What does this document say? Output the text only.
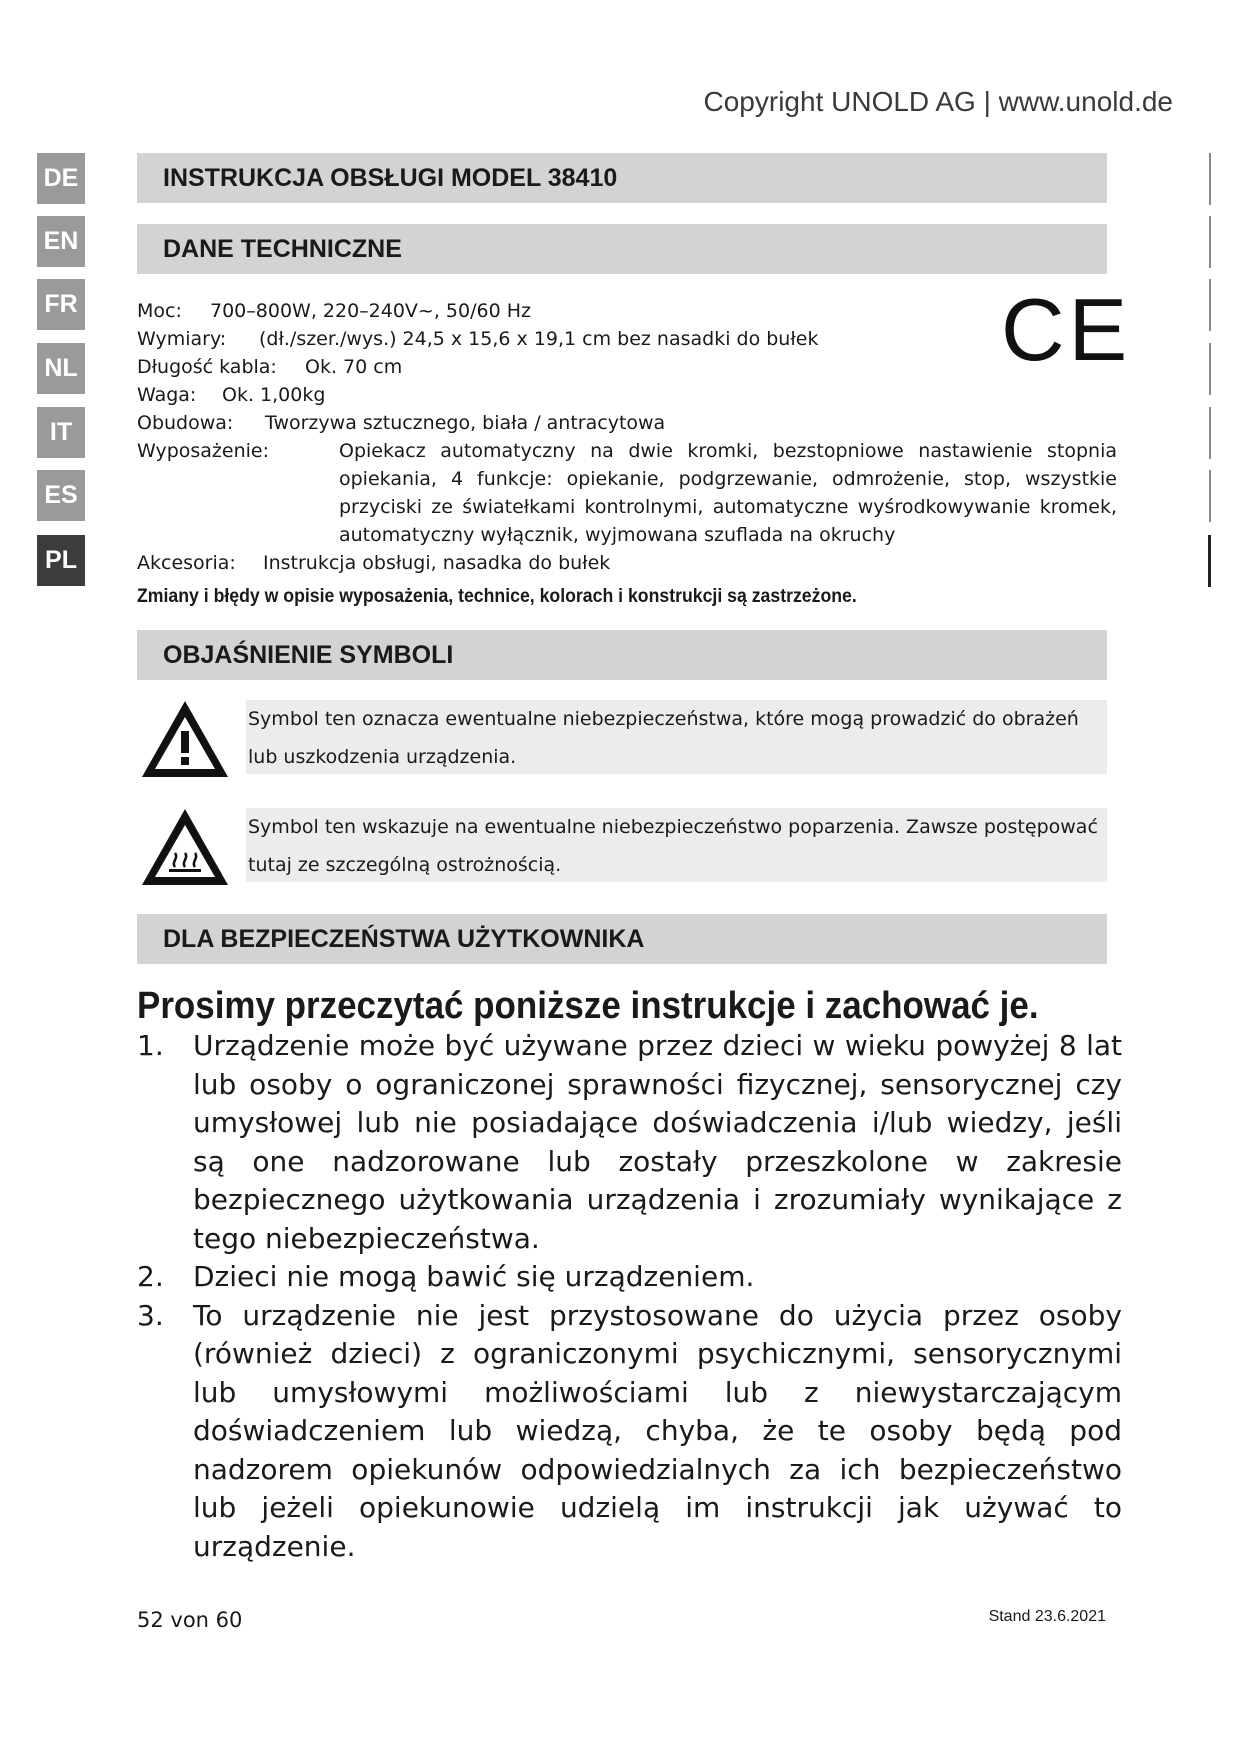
Copyright UNOLD AG | www.unold.de
DE
EN
FR
NL
IT
ES
PL
INSTRUKCJA OBSŁUGI MODEL 38410
DANE TECHNICZNE
Moc:	700–800W, 220–240V~, 50/60 Hz
Wymiary:	(dł./szer./wys.) 24,5 x 15,6 x 19,1 cm bez nasadki do bułek
Długość kabla:	Ok. 70 cm
Waga:	Ok. 1,00kg
Obudowa:	Tworzywa sztucznego, biała / antracytowa
Wyposażenie:	Opiekacz automatyczny na dwie kromki, bezstopniowe nastawienie stopnia opiekania, 4 funkcje: opiekanie, podgrzewanie, odmrożenie, stop, wszystkie przyciski ze światełkami kontrolnymi, automatyczne wyśrodkowywanie kromek, automatyczny wyłącznik, wyjmowana szuflada na okruchy
Akcesoria:	Instrukcja obsługi, nasadka do bułek
CE
Zmiany i błędy w opisie wyposażenia, technice, kolorach i konstrukcji są zastrzeżone.
OBJAŚNIENIE SYMBOLI
Symbol ten oznacza ewentualne niebezpieczeństwa, które mogą prowadzić do obrażeń lub uszkodzenia urządzenia.
Symbol ten wskazuje na ewentualne niebezpieczeństwo poparzenia. Zawsze postępować tutaj ze szczególną ostrożnością.
DLA BEZPIECZEŃSTWA UŻYTKOWNIKA
Prosimy przeczytać poniższe instrukcje i zachować je.
1.	Urządzenie może być używane przez dzieci w wieku powyżej 8 lat lub osoby o ograniczonej sprawności fizycznej, sensorycznej czy umysłowej lub nie posiadające doświadczenia i/lub wiedzy, jeśli są one nadzorowane lub zostały przeszkolone w zakresie bezpiecznego użytkowania urządzenia i zrozumiały wynikające z tego niebezpieczeństwa.
2.	Dzieci nie mogą bawić się urządzeniem.
3.	To urządzenie nie jest przystosowane do użycia przez osoby (również dzieci) z ograniczonymi psychicznymi, sensorycznymi lub umysłowymi możliwościami lub z niewystarczającym doświadczeniem lub wiedzą, chyba, że te osoby będą pod nadzorem opiekunów odpowiedzialnych za ich bezpieczeństwo lub jeżeli opiekunowie udzielą im instrukcji jak używać to urządzenie.
52 von 60	Stand 23.6.2021
